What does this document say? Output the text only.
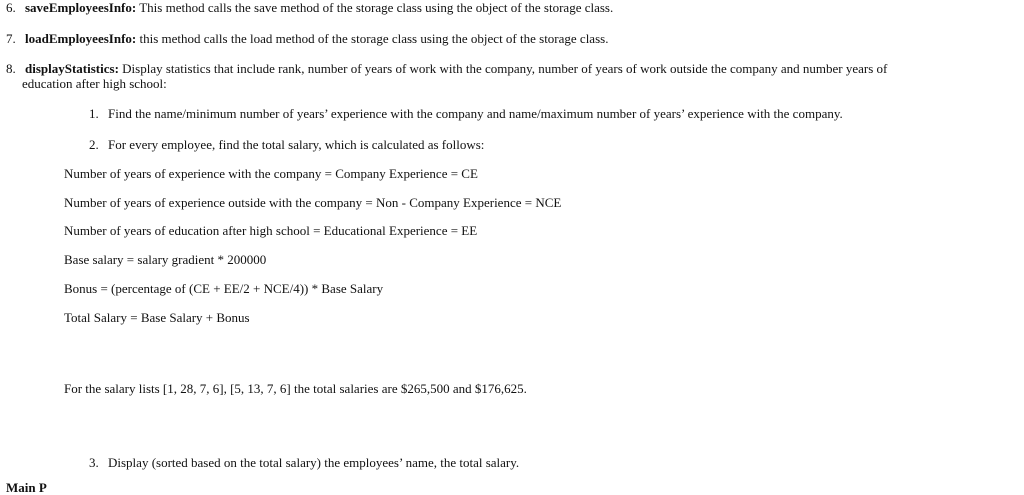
6. saveEmployeesInfo: This method calls the save method of the storage class using the object of the storage class.
7. loadEmployeesInfo: this method calls the load method of the storage class using the object of the storage class.
8. displayStatistics: Display statistics that include rank, number of years of work with the company, number of years of work outside the company and number years of
education after high school:
1. Find the name/minimum number of years’ experience with the company and name/maximum number of years’ experience with the company.
2. For every employee, find the total salary, which is calculated as follows:
Number of years of experience with the company = Company Experience = CE
Number of years of experience outside with the company = Non - Company Experience = NCE
Number of years of education after high school = Educational Experience = EE
Base salary = salary gradient * 200000
Bonus = (percentage of (CE + EE/2 + NCE/4)) * Base Salary
Total Salary = Base Salary + Bonus
For the salary lists [1, 28, 7, 6], [5, 13, 7, 6] the total salaries are $265,500 and $176,625.
3. Display (sorted based on the total salary) the employees’ name, the total salary.
Main P
